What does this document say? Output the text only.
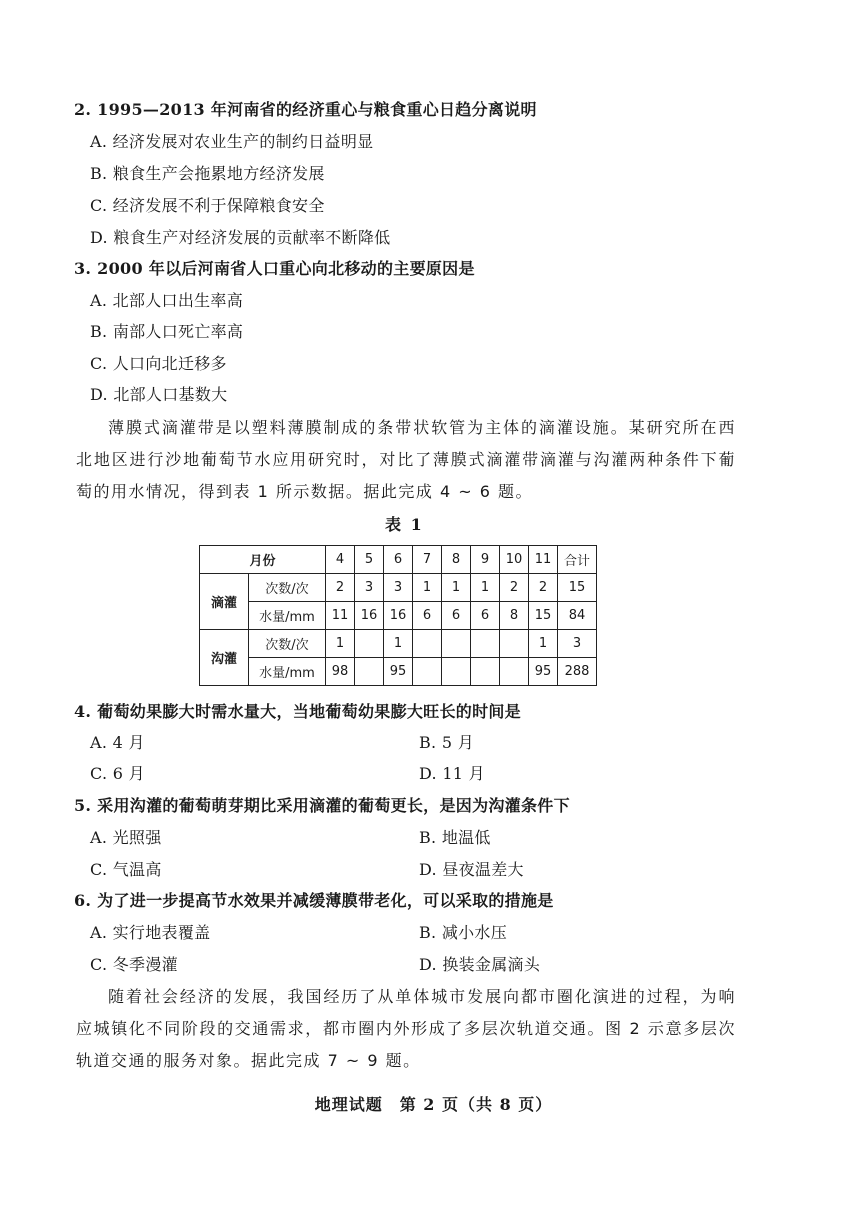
2. 1995—2013 年河南省的经济重心与粮食重心日趋分离说明
A. 经济发展对农业生产的制约日益明显
B. 粮食生产会拖累地方经济发展
C. 经济发展不利于保障粮食安全
D. 粮食生产对经济发展的贡献率不断降低
3. 2000 年以后河南省人口重心向北移动的主要原因是
A. 北部人口出生率高
B. 南部人口死亡率高
C. 人口向北迁移多
D. 北部人口基数大
薄膜式滴灌带是以塑料薄膜制成的条带状软管为主体的滴灌设施。某研究所在西北地区进行沙地葡萄节水应用研究时，对比了薄膜式滴灌带滴灌与沟灌两种条件下葡萄的用水情况，得到表 1 所示数据。据此完成 4 ~ 6 题。
表 1
月份		4	5	6	7	8	9	10	11	合计
滴灌	次数/次	2	3	3	1	1	1	2	2	15
	水量/mm	11	16	16	6	6	6	8	15	84
沟灌	次数/次	1		1					1	3
	水量/mm	98		95					95	288
4. 葡萄幼果膨大时需水量大，当地葡萄幼果膨大旺长的时间是
A. 4 月	B. 5 月
C. 6 月	D. 11 月
5. 采用沟灌的葡萄萌芽期比采用滴灌的葡萄更长，是因为沟灌条件下
A. 光照强	B. 地温低
C. 气温高	D. 昼夜温差大
6. 为了进一步提高节水效果并减缓薄膜带老化，可以采取的措施是
A. 实行地表覆盖	B. 减小水压
C. 冬季漫灌	D. 换装金属滴头
随着社会经济的发展，我国经历了从单体城市发展向都市圈化演进的过程，为响应城镇化不同阶段的交通需求，都市圈内外形成了多层次轨道交通。图 2 示意多层次轨道交通的服务对象。据此完成 7 ~ 9 题。
地理试题　第 2 页（共 8 页）
